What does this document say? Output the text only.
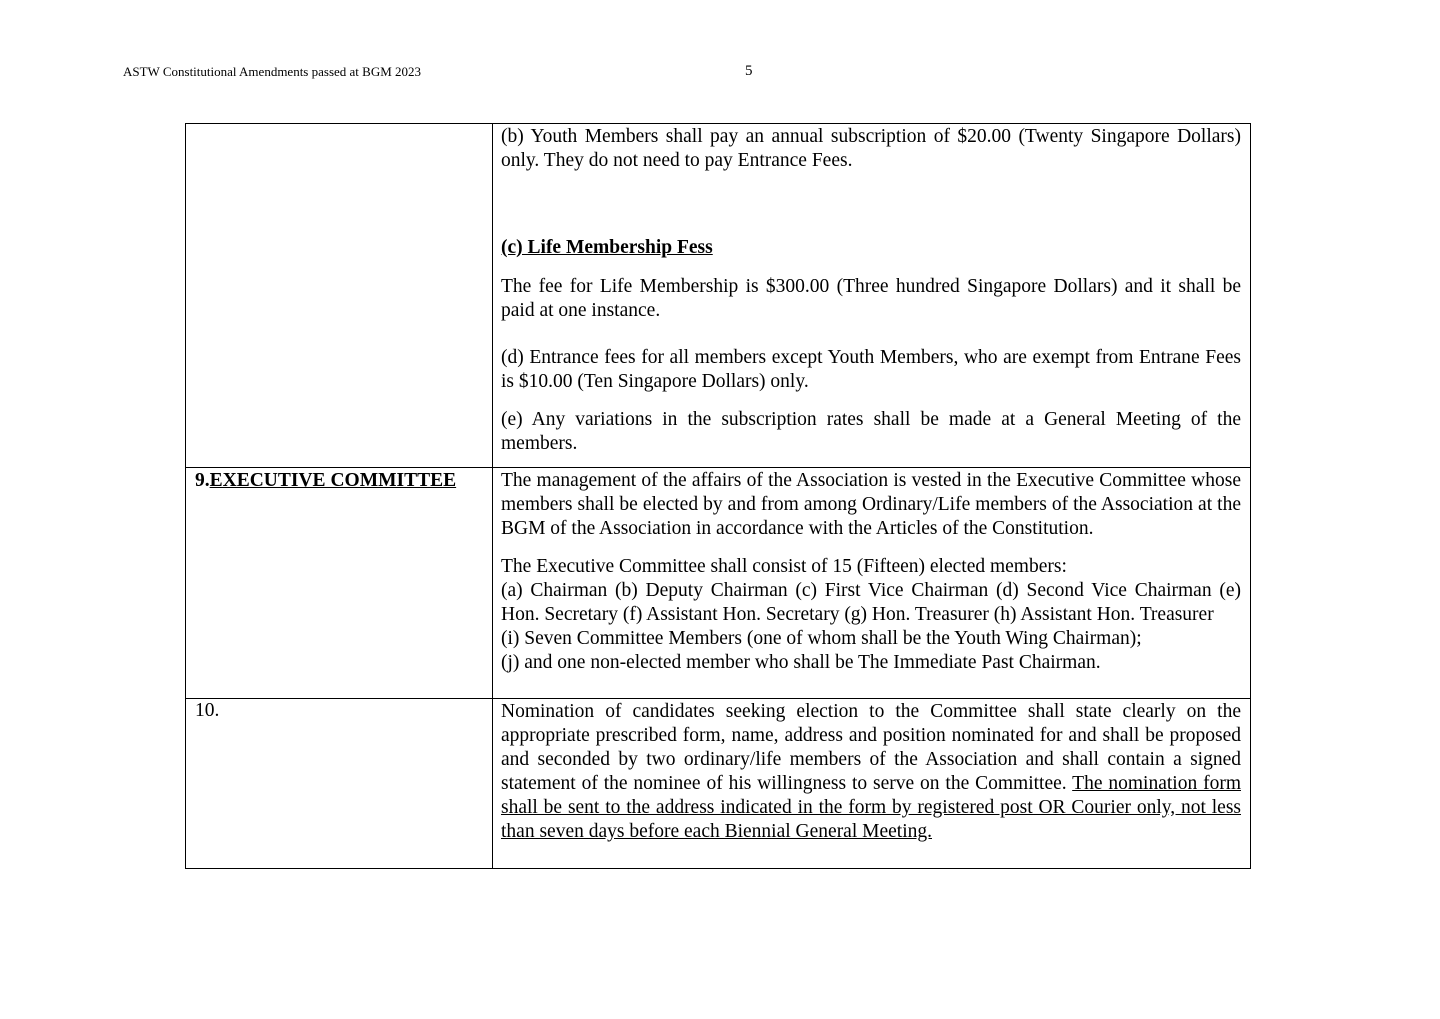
ASTW Constitutional Amendments passed at BGM 2023	5

	(b) Youth Members shall pay an annual subscription of $20.00 (Twenty Singapore Dollars) only. They do not need to pay Entrance Fees.

(c) Life Membership Fess

The fee for Life Membership is $300.00 (Three hundred Singapore Dollars) and it shall be paid at one instance.

(d) Entrance fees for all members except Youth Members, who are exempt from Entrane Fees is $10.00 (Ten Singapore Dollars) only.

(e) Any variations in the subscription rates shall be made at a General Meeting of the members.

9.EXECUTIVE COMMITTEE	The management of the affairs of the Association is vested in the Executive Committee whose members shall be elected by and from among Ordinary/Life members of the Association at the BGM of the Association in accordance with the Articles of the Constitution.

The Executive Committee shall consist of 15 (Fifteen) elected members:
(a) Chairman (b) Deputy Chairman (c) First Vice Chairman (d) Second Vice Chairman (e) Hon. Secretary (f) Assistant Hon. Secretary (g) Hon. Treasurer (h) Assistant Hon. Treasurer
(i) Seven Committee Members (one of whom shall be the Youth Wing Chairman);
(j) and one non-elected member who shall be The Immediate Past Chairman.

10.	Nomination of candidates seeking election to the Committee shall state clearly on the appropriate prescribed form, name, address and position nominated for and shall be proposed and seconded by two ordinary/life members of the Association and shall contain a signed statement of the nominee of his willingness to serve on the Committee. The nomination form shall be sent to the address indicated in the form by registered post OR Courier only, not less than seven days before each Biennial General Meeting.
